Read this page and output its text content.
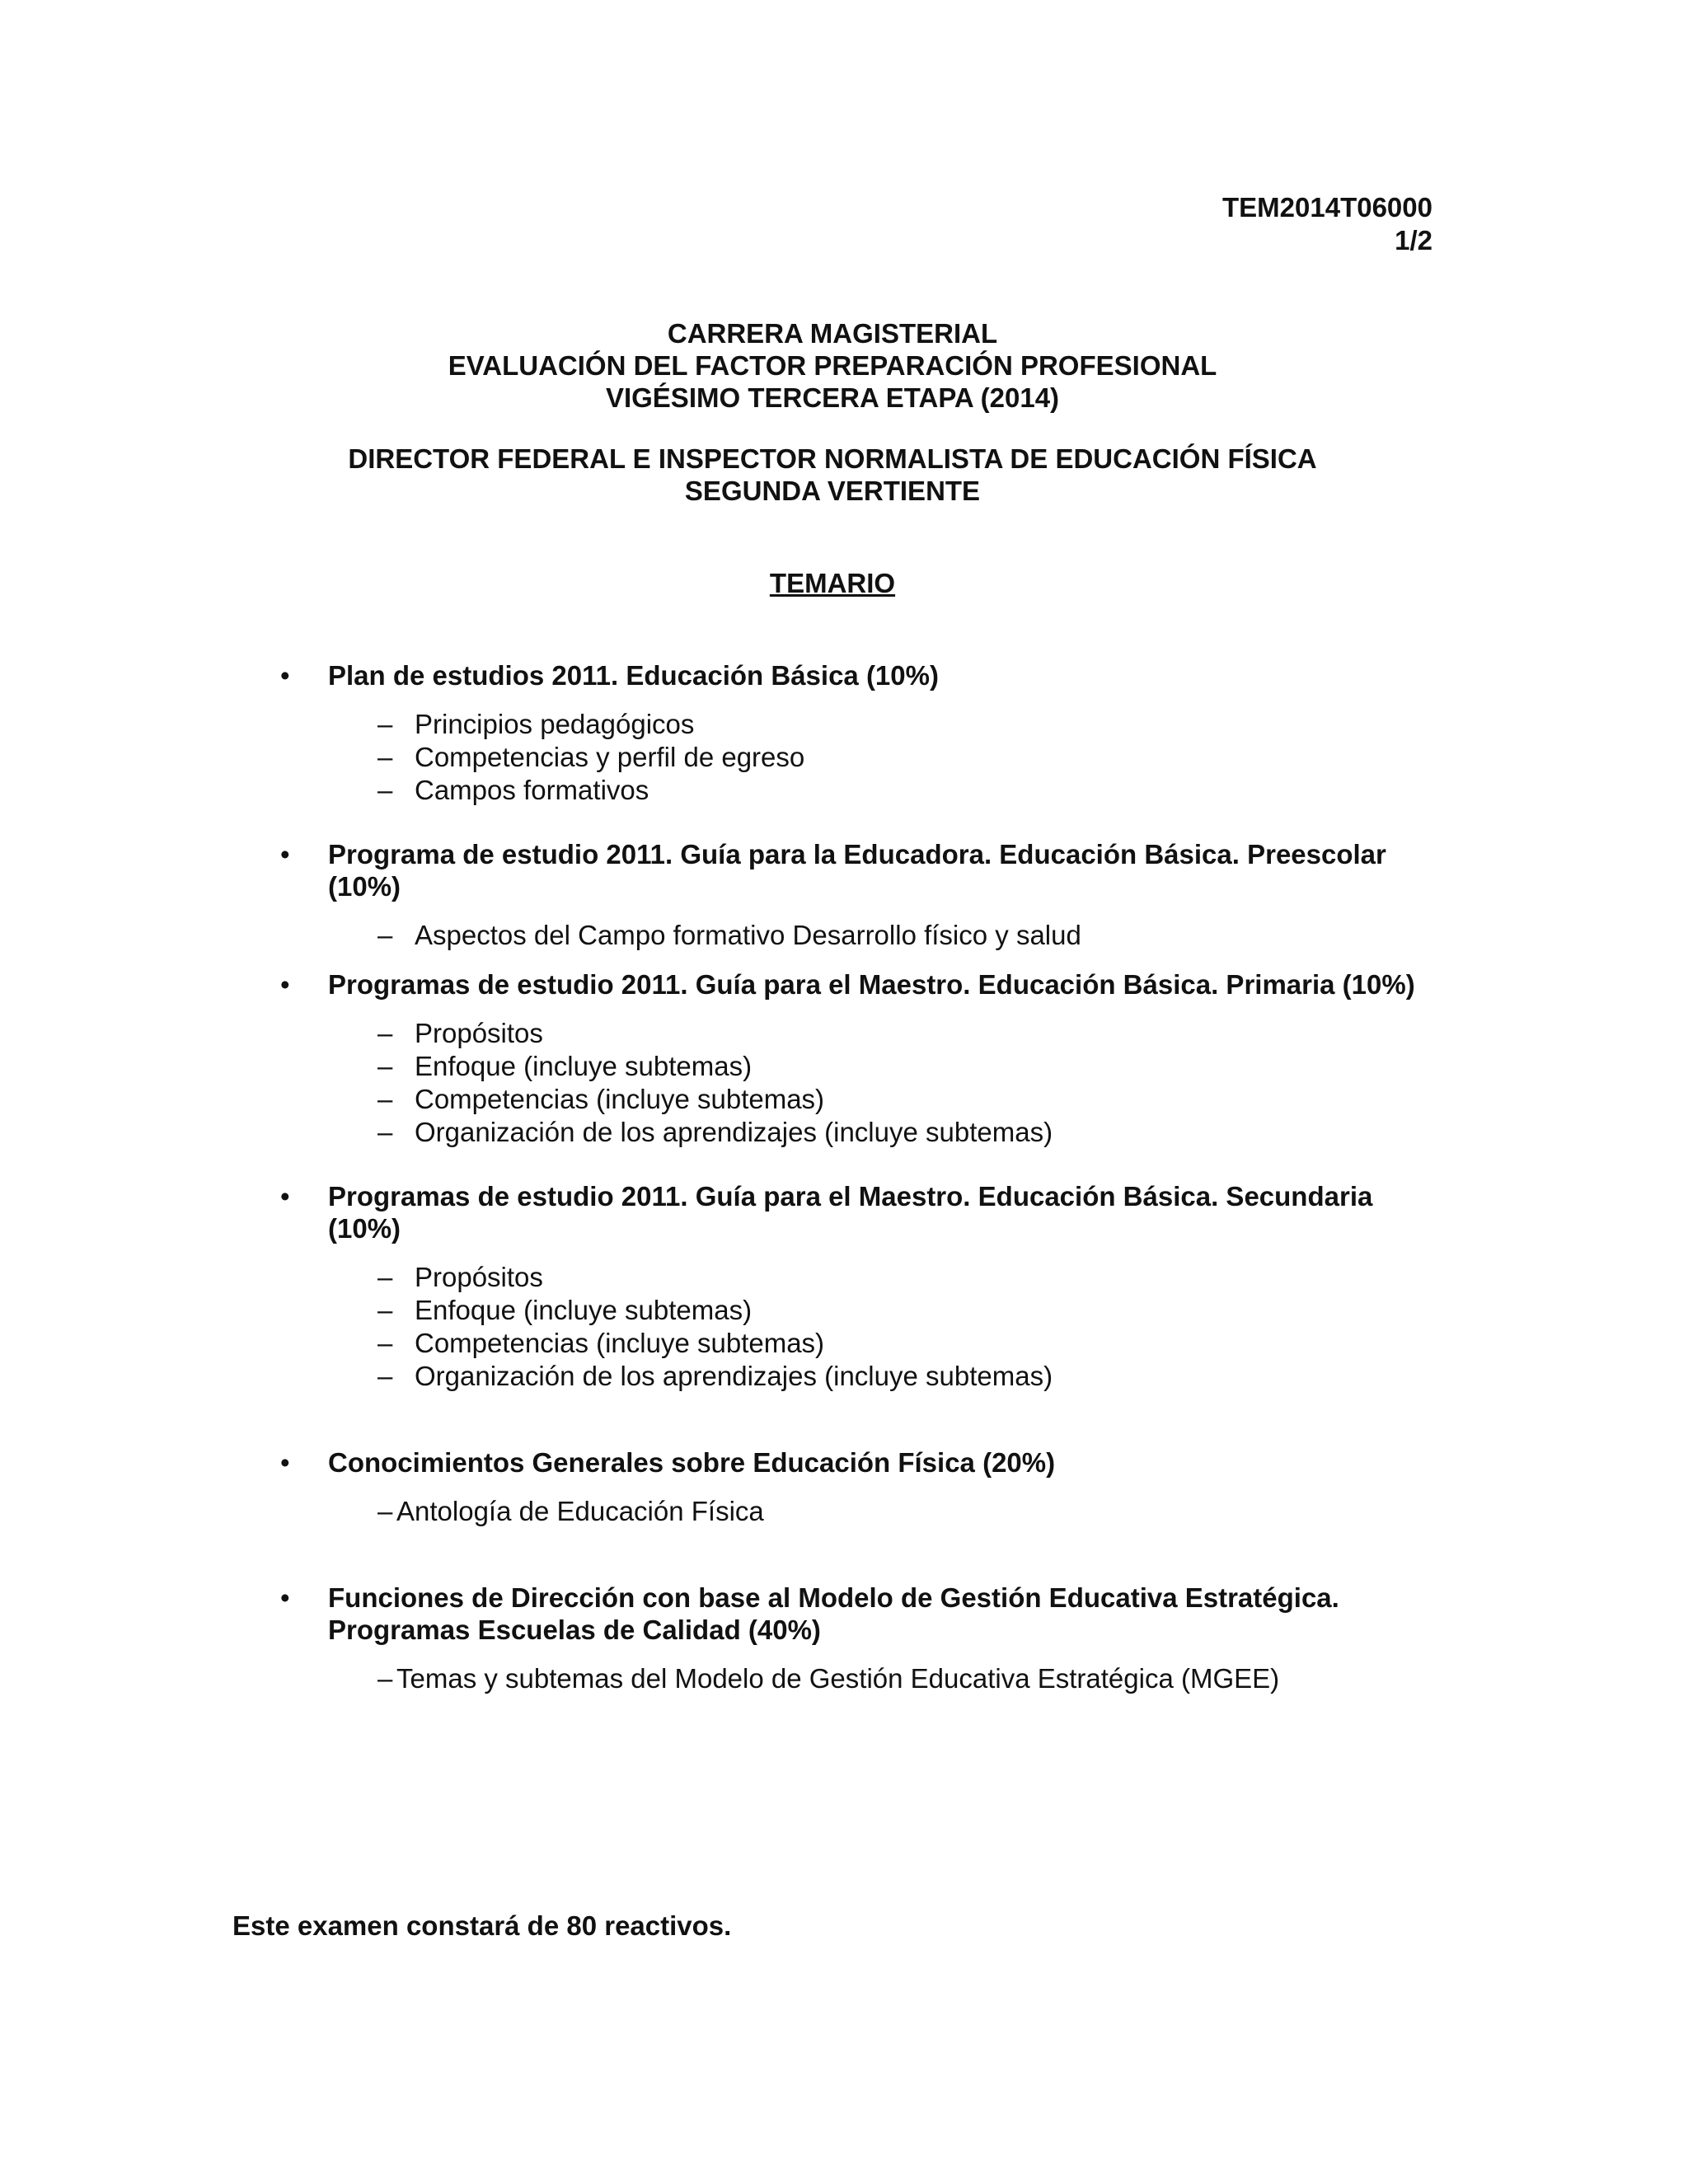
TEM2014T06000
1/2
CARRERA MAGISTERIAL
EVALUACIÓN DEL FACTOR PREPARACIÓN PROFESIONAL
VIGÉSIMO TERCERA ETAPA (2014)
DIRECTOR FEDERAL E INSPECTOR NORMALISTA DE EDUCACIÓN FÍSICA
SEGUNDA VERTIENTE
TEMARIO
• Plan de estudios 2011. Educación Básica (10%)
– Principios pedagógicos
– Competencias y perfil de egreso
– Campos formativos
• Programa de estudio 2011. Guía para la Educadora. Educación Básica. Preescolar (10%)
– Aspectos del Campo formativo Desarrollo físico y salud
• Programas de estudio 2011. Guía para el Maestro. Educación Básica. Primaria (10%)
– Propósitos
– Enfoque (incluye subtemas)
– Competencias (incluye subtemas)
– Organización de los aprendizajes (incluye subtemas)
• Programas de estudio 2011. Guía para el Maestro. Educación Básica. Secundaria (10%)
– Propósitos
– Enfoque (incluye subtemas)
– Competencias (incluye subtemas)
– Organización de los aprendizajes (incluye subtemas)
• Conocimientos Generales sobre Educación Física (20%)
– Antología de Educación Física
• Funciones de Dirección con base al Modelo de Gestión Educativa Estratégica. Programas Escuelas de Calidad (40%)
– Temas y subtemas del Modelo de Gestión Educativa Estratégica (MGEE)
Este examen constará de 80 reactivos.
